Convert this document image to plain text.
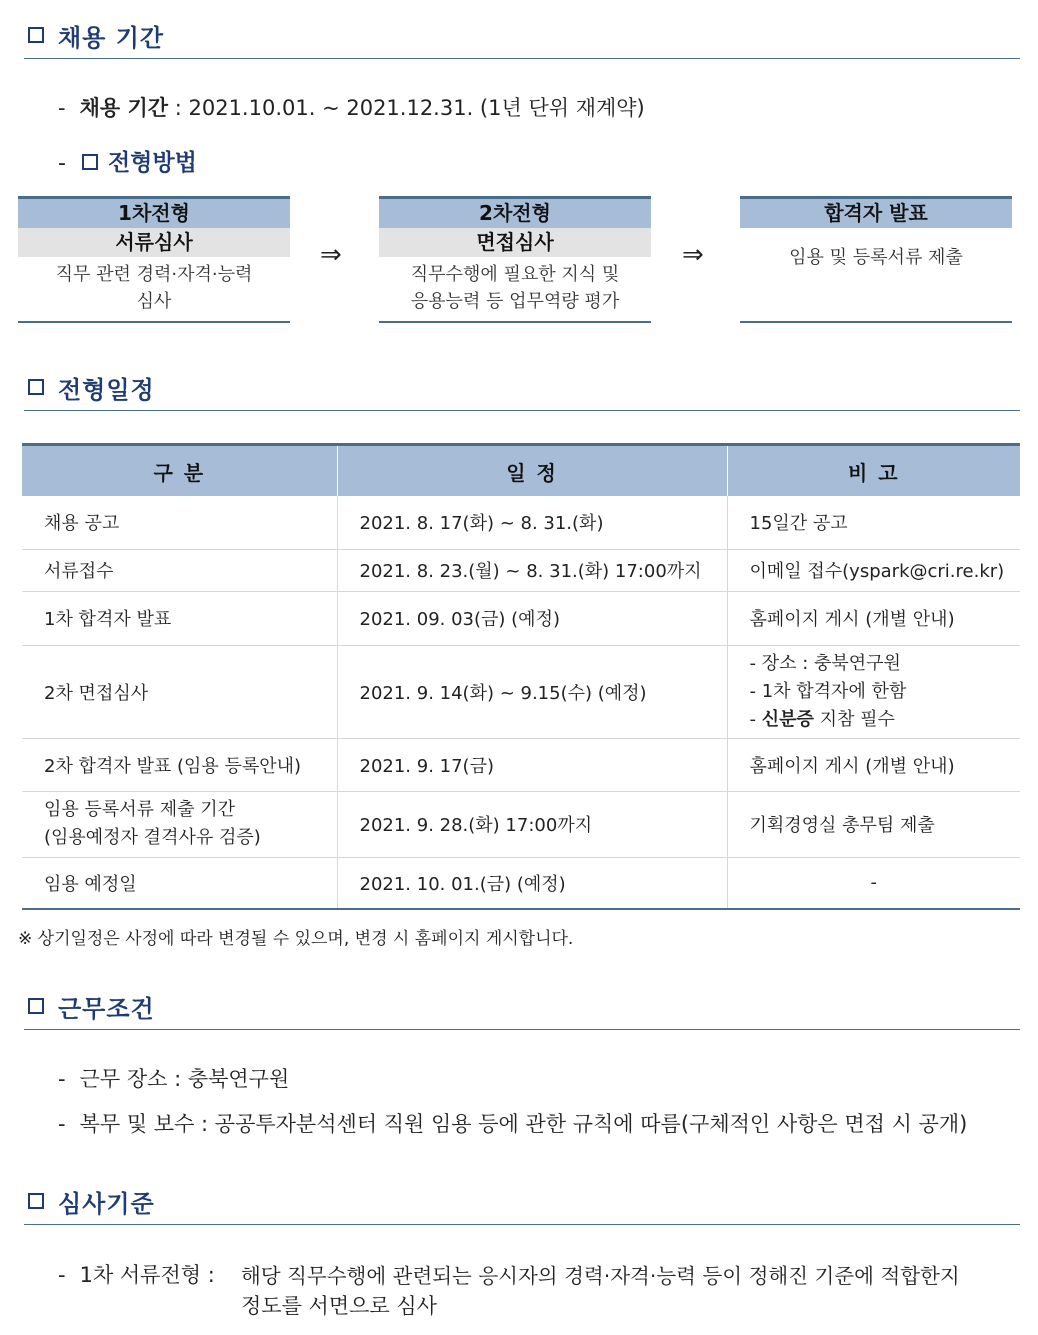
채용 기간
- 채용 기간 : 2021.10.01. ~ 2021.12.31. (1년 단위 재계약)
- 전형방법
1차전형
서류심사
직무 관련 경력·자격·능력
심사
⇒
2차전형
면접심사
직무수행에 필요한 지식 및
응용능력 등 업무역량 평가
⇒
합격자 발표
임용 및 등록서류 제출
전형일정
구 분	일 정	비 고
채용 공고	2021. 8. 17(화) ~ 8. 31.(화)	15일간 공고
서류접수	2021. 8. 23.(월) ~ 8. 31.(화) 17:00까지	이메일 접수(yspark@cri.re.kr)
1차 합격자 발표	2021. 09. 03(금) (예정)	홈페이지 게시 (개별 안내)
2차 면접심사	2021. 9. 14(화) ~ 9.15(수) (예정)	- 장소 : 충북연구원
- 1차 합격자에 한함
- 신분증 지참 필수

2차 합격자 발표 (임용 등록안내)	2021. 9. 17(금)	홈페이지 게시 (개별 안내)

임용 등록서류 제출 기간
(임용예정자 결격사유 검증)	2021. 9. 28.(화) 17:00까지	기획경영실 총무팀 제출
임용 예정일	2021. 10. 01.(금) (예정)	-
※ 상기일정은 사정에 따라 변경될 수 있으며, 변경 시 홈페이지 게시합니다.
근무조건
- 근무 장소 : 충북연구원
- 복무 및 보수 : 공공투자분석센터 직원 임용 등에 관한 규칙에 따름(구체적인 사항은 면접 시 공개)
심사기준
- 1차 서류전형 : 해당 직무수행에 관련되는 응시자의 경력·자격·능력 등이 정해진 기준에 적합한지
정도를 서면으로 심사
